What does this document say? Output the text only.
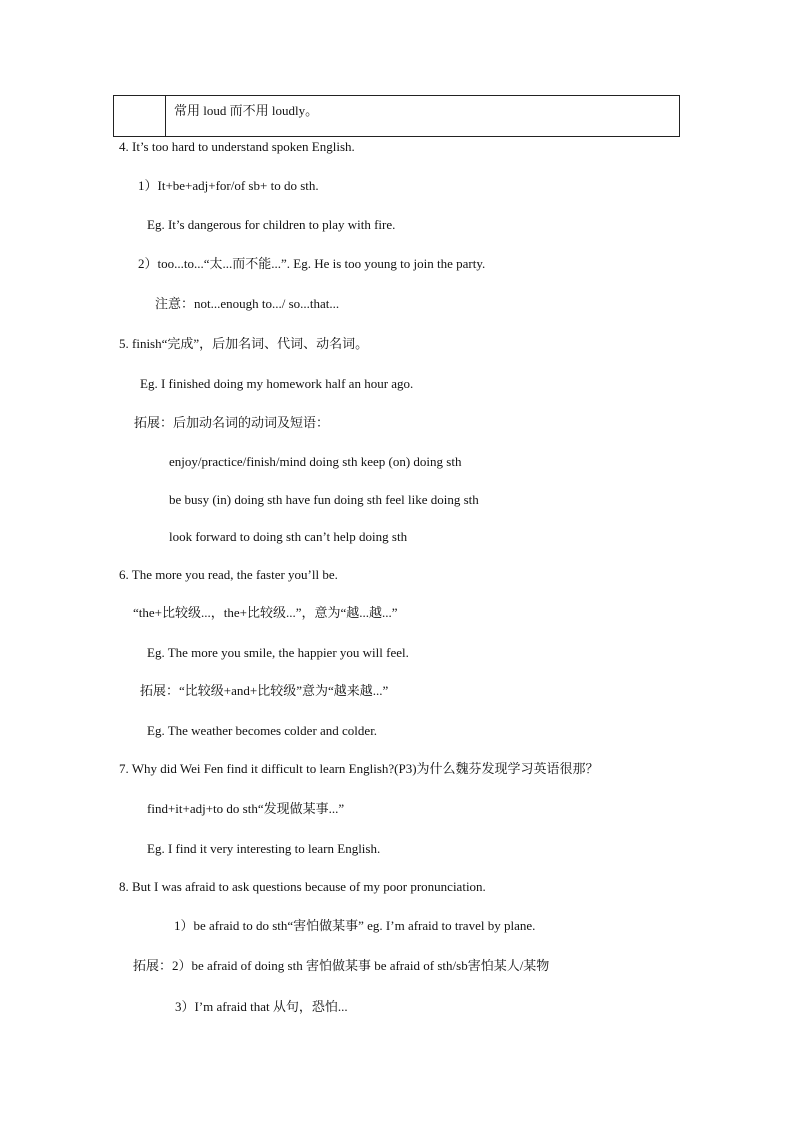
常用 loud 而不用 loudly。
4. It’s too hard to understand spoken English.
1）It+be+adj+for/of sb+ to do sth.
Eg. It’s dangerous for children to play with fire.
2）too...to...“太...而不能...”. Eg. He is too young to join the party.
注意：not...enough to.../ so...that...
5. finish“完成”，后加名词、代词、动名词。
Eg. I finished doing my homework half an hour ago.
拓展：后加动名词的动词及短语：
enjoy/practice/finish/mind doing sth keep (on) doing sth
be busy (in) doing sth have fun doing sth feel like doing sth
look forward to doing sth can’t help doing sth
6. The more you read, the faster you’ll be.
“the+比较级...，the+比较级...”，意为“越...越...”
Eg. The more you smile, the happier you will feel.
拓展：“比较级+and+比较级”意为“越来越...”
Eg. The weather becomes colder and colder.
7. Why did Wei Fen find it difficult to learn English?(P3)为什么魏芬发现学习英语很那？
find+it+adj+to do sth“发现做某事...”
Eg. I find it very interesting to learn English.
8. But I was afraid to ask questions because of my poor pronunciation.
1）be afraid to do sth“害怕做某事” eg. I’m afraid to travel by plane.
拓展：2）be afraid of doing sth 害怕做某事 be afraid of sth/sb害怕某人/某物
3）I’m afraid that 从句，恐怕...
